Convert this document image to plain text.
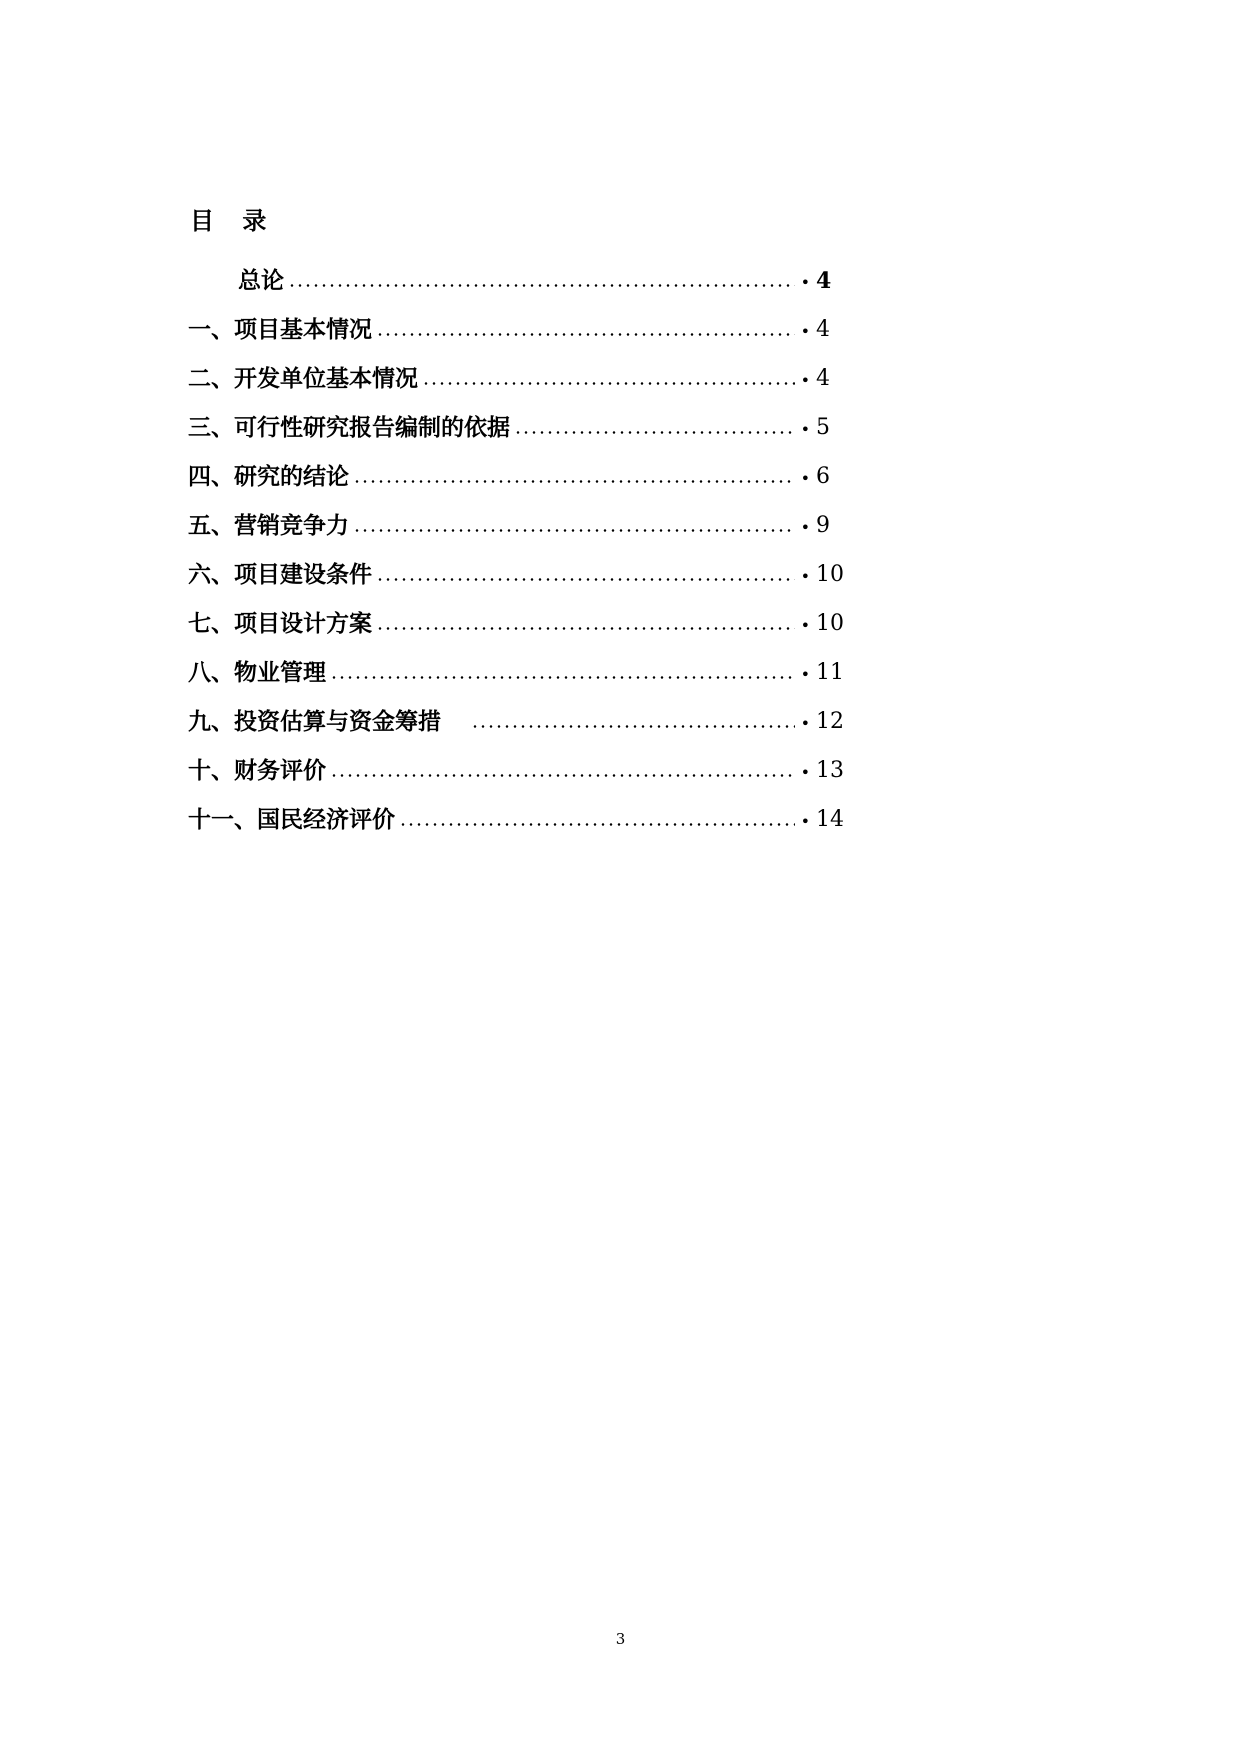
目 录
总论	• 4
一、项目基本情况	• 4
二、开发单位基本情况	• 4
三、可行性研究报告编制的依据	• 5
四、研究的结论	• 6
五、营销竞争力	• 9
六、项目建设条件	• 10
七、项目设计方案	• 10
八、物业管理	• 11
九、投资估算与资金筹措	• 12
十、财务评价	• 13
十一、国民经济评价	• 14
3
